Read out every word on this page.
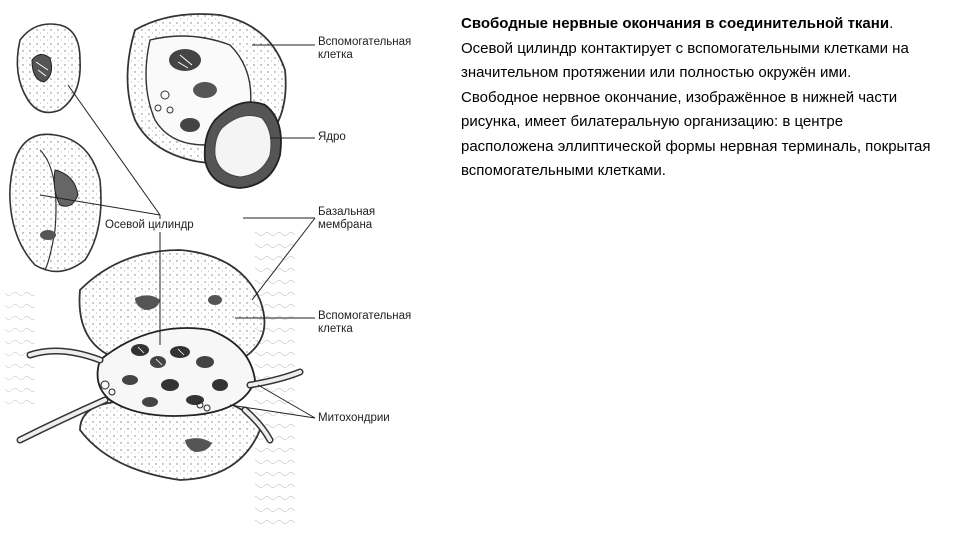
Вспомогательная
клетка
Ядро
Базальная
мембрана
Осевой цилиндр
Вспомогательная
клетка
Митохондрии
Свободные нервные окончания в соединительной ткани. Осевой цилиндр контактирует с вспомогательными клетками на значительном протяжении или полностью окружён ими. Свободное нервное окончание, изображённое в нижней части рисунка, имеет билатеральную организацию: в центре расположена эллиптической формы нервная терминаль, покрытая вспомогательными клетками.
